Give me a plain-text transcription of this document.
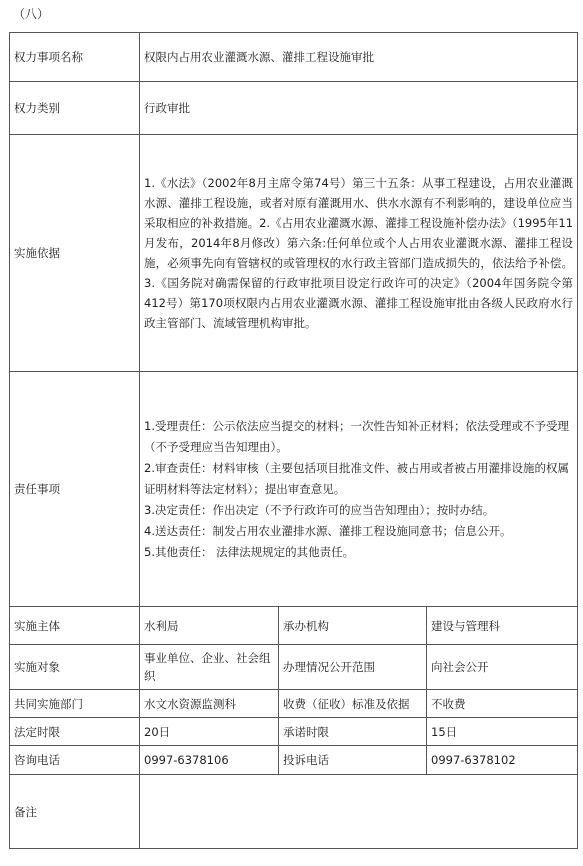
（八）
权力事项名称	权限内占用农业灌溉水源、灌排工程设施审批		
权力类别	行政审批		
实施依据	1.《水法》（2002年8月主席令第74号）第三十五条：从事工程建设，占用农业灌溉水源、灌排工程设施，或者对原有灌溉用水、供水水源有不利影响的，建设单位应当采取相应的补救措施。2.《占用农业灌溉水源、灌排工程设施补偿办法》（1995年11月发布，2014年8月修改）第六条:任何单位或个人占用农业灌溉水源、灌排工程设施，必须事先向有管辖权的或管理权的水行政主管部门造成损失的，依法给予补偿。3.《国务院对确需保留的行政审批项目设定行政许可的决定》（2004年国务院令第412号）第170项权限内占用农业灌溉水源、灌排工程设施审批由各级人民政府水行政主管部门、流域管理机构审批。		
责任事项	1.受理责任：公示依法应当提交的材料；一次性告知补正材料；依法受理或不予受理（不予受理应当告知理由）。
2.审查责任：材料审核（主要包括项目批准文件、被占用或者被占用灌排设施的权属证明材料等法定材料）；提出审查意见。
3.决定责任：作出决定（不予行政许可的应当告知理由）；按时办结。
4.送达责任：制发占用农业灌排水源、灌排工程设施同意书；信息公开。
5.其他责任： 法律法规规定的其他责任。		

实施主体	水利局	承办机构	建设与管理科
实施对象	事业单位、企业、社会组织	办理情况公开范围	向社会公开
共同实施部门	水文水资源监测科	收费（征收）标准及依据	不收费
法定时限	20日	承诺时限	15日
咨询电话	0997-6378106	投诉电话	0997-6378102
备注			
